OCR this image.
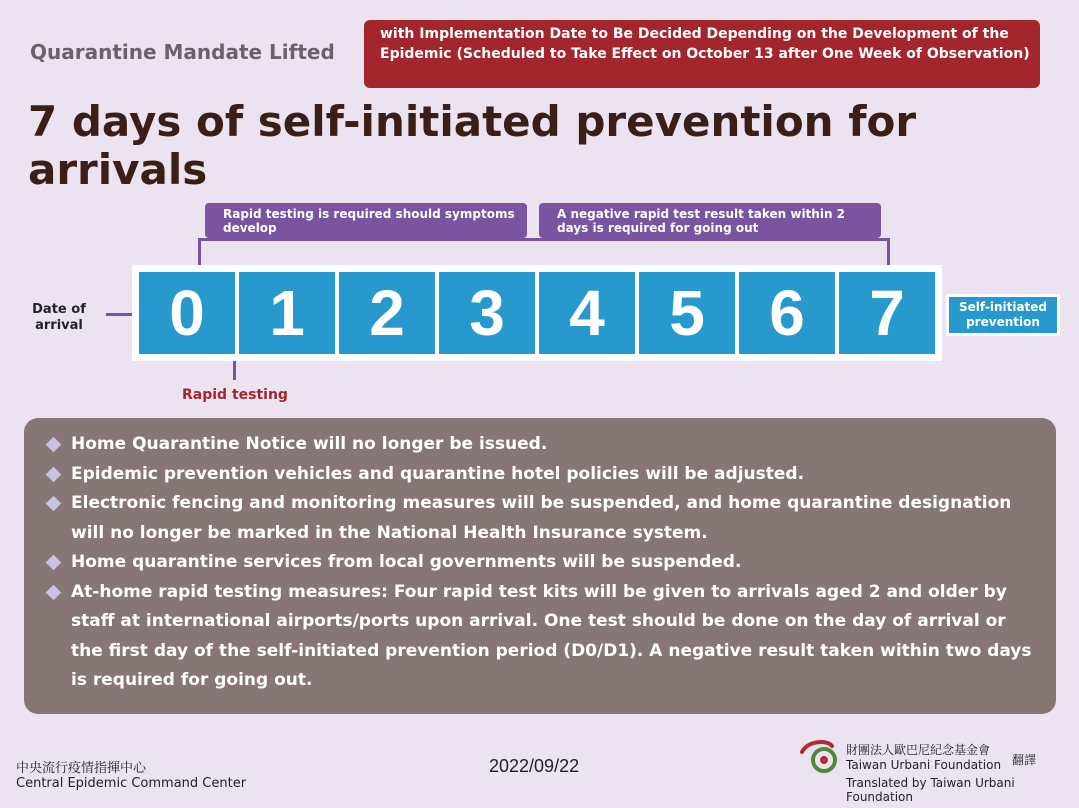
Quarantine Mandate Lifted
with Implementation Date to Be Decided Depending on the Development of the Epidemic (Scheduled to Take Effect on October 13 after One Week of Observation)
7 days of self-initiated prevention for arrivals
Rapid testing is required should symptoms develop
A negative rapid test result taken within 2 days is required for going out
Date of arrival	0	1	2	3	4	5	6	7	Self-initiated prevention
Rapid testing
Home Quarantine Notice will no longer be issued.
Epidemic prevention vehicles and quarantine hotel policies will be adjusted.
Electronic fencing and monitoring measures will be suspended, and home quarantine designation will no longer be marked in the National Health Insurance system.
Home quarantine services from local governments will be suspended.
At-home rapid testing measures: Four rapid test kits will be given to arrivals aged 2 and older by staff at international airports/ports upon arrival. One test should be done on the day of arrival or the first day of the self-initiated prevention period (D0/D1). A negative result taken within two days is required for going out.
中央流行疫情指揮中心
Central Epidemic Command Center
2022/09/22
財團法人歐巴尼紀念基金會
Taiwan Urbani Foundation 翻譯
Translated by Taiwan Urbani Foundation
